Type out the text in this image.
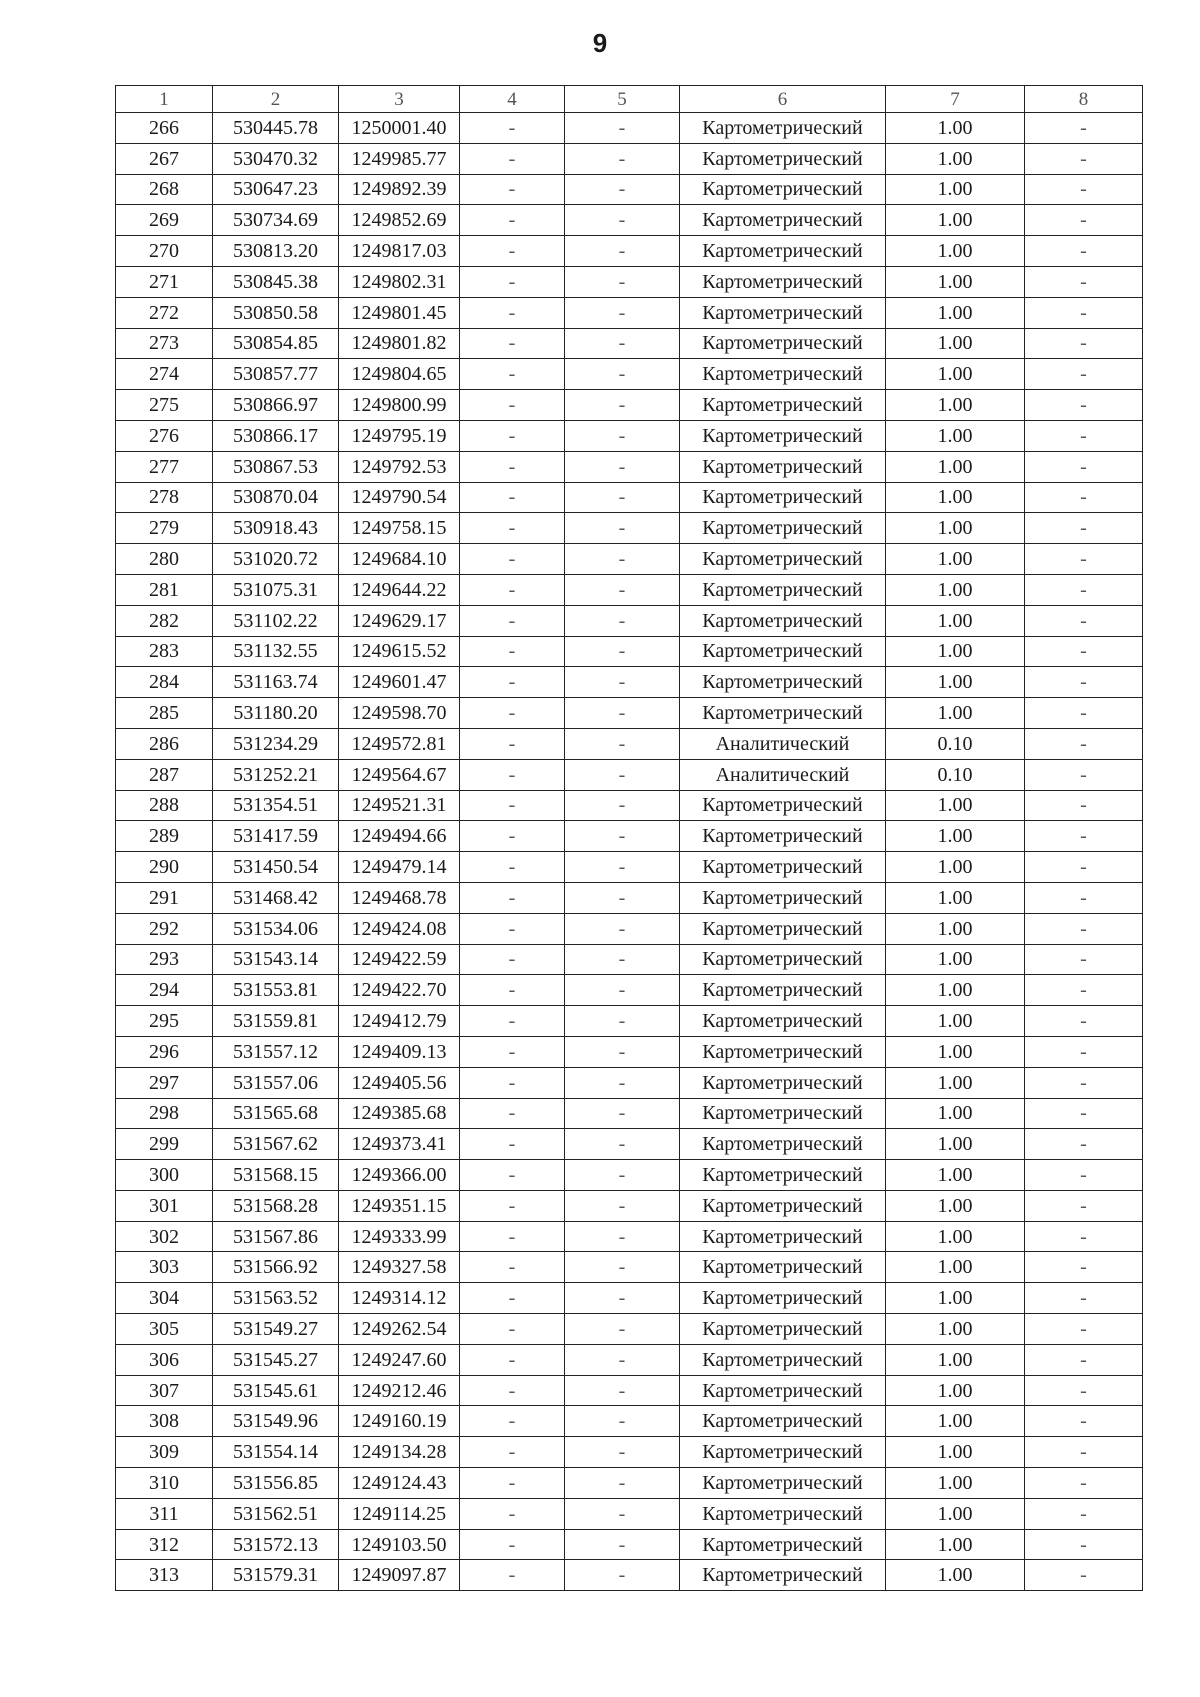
9
1	2	3	4	5	6	7	8
266	530445.78	1250001.40	-	-	Картометрический	1.00	-
267	530470.32	1249985.77	-	-	Картометрический	1.00	-
268	530647.23	1249892.39	-	-	Картометрический	1.00	-
269	530734.69	1249852.69	-	-	Картометрический	1.00	-
270	530813.20	1249817.03	-	-	Картометрический	1.00	-
271	530845.38	1249802.31	-	-	Картометрический	1.00	-
272	530850.58	1249801.45	-	-	Картометрический	1.00	-
273	530854.85	1249801.82	-	-	Картометрический	1.00	-
274	530857.77	1249804.65	-	-	Картометрический	1.00	-
275	530866.97	1249800.99	-	-	Картометрический	1.00	-
276	530866.17	1249795.19	-	-	Картометрический	1.00	-
277	530867.53	1249792.53	-	-	Картометрический	1.00	-
278	530870.04	1249790.54	-	-	Картометрический	1.00	-
279	530918.43	1249758.15	-	-	Картометрический	1.00	-
280	531020.72	1249684.10	-	-	Картометрический	1.00	-
281	531075.31	1249644.22	-	-	Картометрический	1.00	-
282	531102.22	1249629.17	-	-	Картометрический	1.00	-
283	531132.55	1249615.52	-	-	Картометрический	1.00	-
284	531163.74	1249601.47	-	-	Картометрический	1.00	-
285	531180.20	1249598.70	-	-	Картометрический	1.00	-
286	531234.29	1249572.81	-	-	Аналитический	0.10	-
287	531252.21	1249564.67	-	-	Аналитический	0.10	-
288	531354.51	1249521.31	-	-	Картометрический	1.00	-
289	531417.59	1249494.66	-	-	Картометрический	1.00	-
290	531450.54	1249479.14	-	-	Картометрический	1.00	-
291	531468.42	1249468.78	-	-	Картометрический	1.00	-
292	531534.06	1249424.08	-	-	Картометрический	1.00	-
293	531543.14	1249422.59	-	-	Картометрический	1.00	-
294	531553.81	1249422.70	-	-	Картометрический	1.00	-
295	531559.81	1249412.79	-	-	Картометрический	1.00	-
296	531557.12	1249409.13	-	-	Картометрический	1.00	-
297	531557.06	1249405.56	-	-	Картометрический	1.00	-
298	531565.68	1249385.68	-	-	Картометрический	1.00	-
299	531567.62	1249373.41	-	-	Картометрический	1.00	-
300	531568.15	1249366.00	-	-	Картометрический	1.00	-
301	531568.28	1249351.15	-	-	Картометрический	1.00	-
302	531567.86	1249333.99	-	-	Картометрический	1.00	-
303	531566.92	1249327.58	-	-	Картометрический	1.00	-
304	531563.52	1249314.12	-	-	Картометрический	1.00	-
305	531549.27	1249262.54	-	-	Картометрический	1.00	-
306	531545.27	1249247.60	-	-	Картометрический	1.00	-
307	531545.61	1249212.46	-	-	Картометрический	1.00	-
308	531549.96	1249160.19	-	-	Картометрический	1.00	-
309	531554.14	1249134.28	-	-	Картометрический	1.00	-
310	531556.85	1249124.43	-	-	Картометрический	1.00	-
311	531562.51	1249114.25	-	-	Картометрический	1.00	-
312	531572.13	1249103.50	-	-	Картометрический	1.00	-
313	531579.31	1249097.87	-	-	Картометрический	1.00	-
